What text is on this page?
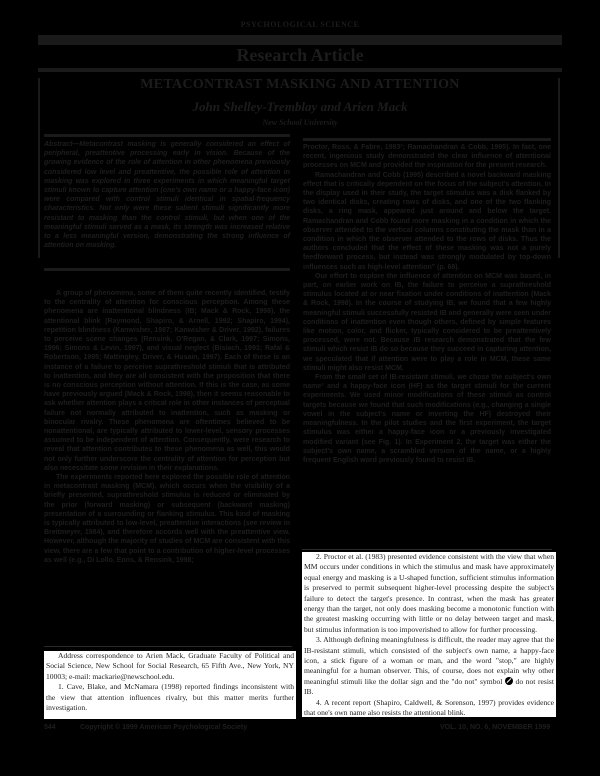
PSYCHOLOGICAL SCIENCE
Research Article
METACONTRAST MASKING AND ATTENTION
John Shelley-Tremblay and Arien Mack
New School University

Abstract—Metacontrast masking is generally considered an effect of peripheral, preattentive processing early in vision. Because of the growing evidence of the role of attention in other phenomena previously considered low level and preattentive, the possible role of attention in masking was explored in three experiments in which meaningful target stimuli known to capture attention (one's own name or a happy-face icon) were compared with control stimuli identical in spatial-frequency characteristics. Not only were these salient stimuli significantly more resistant to masking than the control stimuli, but when one of the meaningful stimuli served as a mask, its strength was increased relative to a less meaningful version, demonstrating the strong influence of attention on masking.

A group of phenomena, some of them quite recently identified, testify to the centrality of attention for conscious perception. Among these phenomena are inattentional blindness (IB; Mack & Rock, 1998), the attentional blink (Raymond, Shapiro, & Arnell, 1992; Shapiro, 1994), repetition blindness (Kanwisher, 1987; Kanwisher & Driver, 1992), failures to perceive scene changes (Rensink, O'Regan, & Clark, 1997; Simons, 1996; Simons & Levin, 1997), and visual neglect (Bisiach, 1993; Rafal & Robertson, 1995; Mattingley, Driver, & Husain, 1997). Each of these is an instance of a failure to perceive suprathreshold stimuli that is attributed to inattention, and they are all consistent with the proposition that there is no conscious perception without attention. If this is the case, as some have previously argued (Mack & Rock, 1998), then it seems reasonable to ask whether attention plays a critical role in other instances of perceptual failure not normally attributed to inattention, such as masking or binocular rivalry. These phenomena are oftentimes believed to be nonattentional, are typically attributed to lower-level, sensory processes assumed to be independent of attention. Consequently, were research to reveal that attention contributes to these phenomena as well, this would not only further underscore the centrality of attention for perception but also necessitate some revision in their explanations.

The experiments reported here explored the possible role of attention in metacontrast masking (MCM), which occurs when the visibility of a briefly presented, suprathreshold stimulus is reduced or eliminated by the prior (forward masking) or subsequent (backward masking) presentation of a surrounding or flanking stimulus. This kind of masking is typically attributed to low-level, preattentive interactions (see review in Breitmeyer, 1984), and therefore accords well with the preattentive view. However, although the majority of studies of MCM are consistent with this view, there are a few that point to a contribution of higher-level processes as well (e.g., Di Lollo, Enns, & Rensink, 1998;

Proctor, Ross, & Fabre, 1983²; Ramachandran & Cobb, 1995). In fact, one recent, ingenious study demonstrated the clear influence of attentional processes on MCM and provided the inspiration for the present research.

Ramachandran and Cobb (1995) described a novel backward masking effect that is critically dependent on the focus of the subject's attention. In the display used in their study, the target stimulus was a disk flanked by two identical disks, creating rows of disks, and one of the two flanking disks, a ring mask, appeared just around and below the target. Ramachandran and Cobb found more masking in a condition in which the observer attended to the vertical columns constituting the mask than in a condition in which the observer attended to the rows of disks. Thus the authors concluded that the effect of these masking was not a purely feedforward process, but instead was strongly modulated by top-down influences such as high-level attention" (p. 68).

Our effort to explore the influence of attention on MCM was based, in part, on earlier work on IB, the failure to perceive a suprathreshold stimulus located at or near fixation under conditions of inattention (Mack & Rock, 1998). In the course of studying IB, we found that a few highly meaningful stimuli successfully resisted IB and generally were seen under conditions of inattention even though others, defined by simple features like motion, color, and flicker, typically considered to be preattentively processed, were not. Because IB research demonstrated that the few stimuli which resist IB do so because they succeed in capturing attention, we speculated that if attention were to play a role in MCM, these same stimuli might also resist MCM.

From the small set of IB-resistant stimuli, we chose the subject's own name³ and a happy-face icon (HF) as the target stimuli for the current experiments. We used minor modifications of these stimuli as control targets because we found that such modifications (e.g., changing a single vowel in the subject's name or inverting the HF) destroyed their meaningfulness. In the pilot studies and the first experiment, the target stimulus was either a happy-face icon or a previously investigated modified variant (see Fig. 1). In Experiment 2, the target was either the subject's own name, a scrambled version of the name, or a highly frequent English word previously found to resist IB.

Address correspondence to Arien Mack, Graduate Faculty of Political and Social Science, New School for Social Research, 65 Fifth Ave., New York, NY 10003; e-mail: mackarie@newschool.edu.

1. Cave, Blake, and McNamara (1998) reported findings inconsistent with the view that attention influences rivalry, but this matter merits further investigation.

2. Proctor et al. (1983) presented evidence consistent with the view that when MM occurs under conditions in which the stimulus and mask have approximately equal energy and masking is a U-shaped function, sufficient stimulus information is preserved to permit subsequent higher-level processing despite the subject's failure to detect the target's presence. In contrast, when the mask has greater energy than the target, not only does masking become a monotonic function with the greatest masking occurring with little or no delay between target and mask, but stimulus information is too impoverished to allow for further processing.

3. Although defining meaningfulness is difficult, the reader may agree that the IB-resistant stimuli, which consisted of the subject's own name, a happy-face icon, a stick figure of a woman or man, and the word "stop," are highly meaningful for a human observer. This, of course, does not explain why other meaningful stimuli like the dollar sign and the "do not" symbol  do not resist IB.

4. A recent report (Shapiro, Caldwell, & Sorenson, 1997) provides evidence that one's own name also resists the attentional blink.

544	Copyright © 1999 American Psychological Society	VOL. 10, NO. 6, NOVEMBER 1999
